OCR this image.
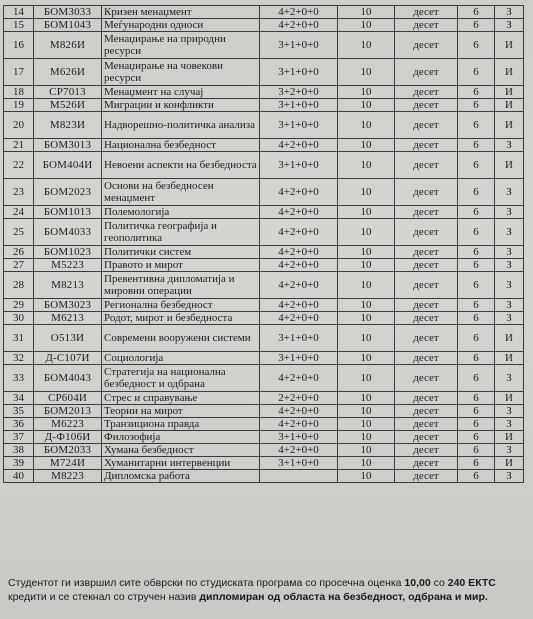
14	БОМ3033	Кризен менаџмент	4+2+0+0	10	десет	6	З
15	БОМ1043	Меѓународни односи	4+2+0+0	10	десет	6	З
16	М826И	Менаџирање на природни ресурси	3+1+0+0	10	десет	6	И
17	М626И	Менаџирање на човекови ресурси	3+1+0+0	10	десет	6	И
18	СР7013	Менаџмент на случај	3+2+0+0	10	десет	6	И
19	М526И	Миграции и конфликти	3+1+0+0	10	десет	6	И
20	М823И	Надворешно-политичка анализа	3+1+0+0	10	десет	6	И
21	БОМ3013	Национална безбедност	4+2+0+0	10	десет	6	З
22	БОМ404И	Невоени аспекти на безбедноста	3+1+0+0	10	десет	6	И
23	БОМ2023	Основи на безбедносен менаџмент	4+2+0+0	10	десет	6	З
24	БОМ1013	Полемологија	4+2+0+0	10	десет	6	З
25	БОМ4033	Политичка географија и геополитика	4+2+0+0	10	десет	6	З
26	БОМ1023	Политички систем	4+2+0+0	10	десет	6	З
27	М5223	Правото и мирот	4+2+0+0	10	десет	6	З
28	М8213	Превентивна дипломатија и мировни операции	4+2+0+0	10	десет	6	З
29	БОМ3023	Регионална безбедност	4+2+0+0	10	десет	6	З
30	М6213	Родот, мирот и безбедноста	4+2+0+0	10	десет	6	З
31	О513И	Современи вооружени системи	3+1+0+0	10	десет	6	И
32	Д-С107И	Социологија	3+1+0+0	10	десет	6	И
33	БОМ4043	Стратегија на национална безбедност и одбрана	4+2+0+0	10	десет	6	З
34	СР604И	Стрес и справување	2+2+0+0	10	десет	6	И
35	БОМ2013	Теории на мирот	4+2+0+0	10	десет	6	З
36	М6223	Транзициона правда	4+2+0+0	10	десет	6	З
37	Д-Ф106И	Филозофија	3+1+0+0	10	десет	6	И
38	БОМ2033	Хумана безбедност	4+2+0+0	10	десет	6	З
39	М724И	Хуманитарни интервенции	3+1+0+0	10	десет	6	И
40	М8223	Дипломска работа		10	десет	6	З
Студентот ги извршил сите обврски по студиската програма со просечна оценка 10,00 со 240 ЕКТС
кредити и се стекнал со стручен назив дипломиран од областа на безбедност, одбрана и мир.
